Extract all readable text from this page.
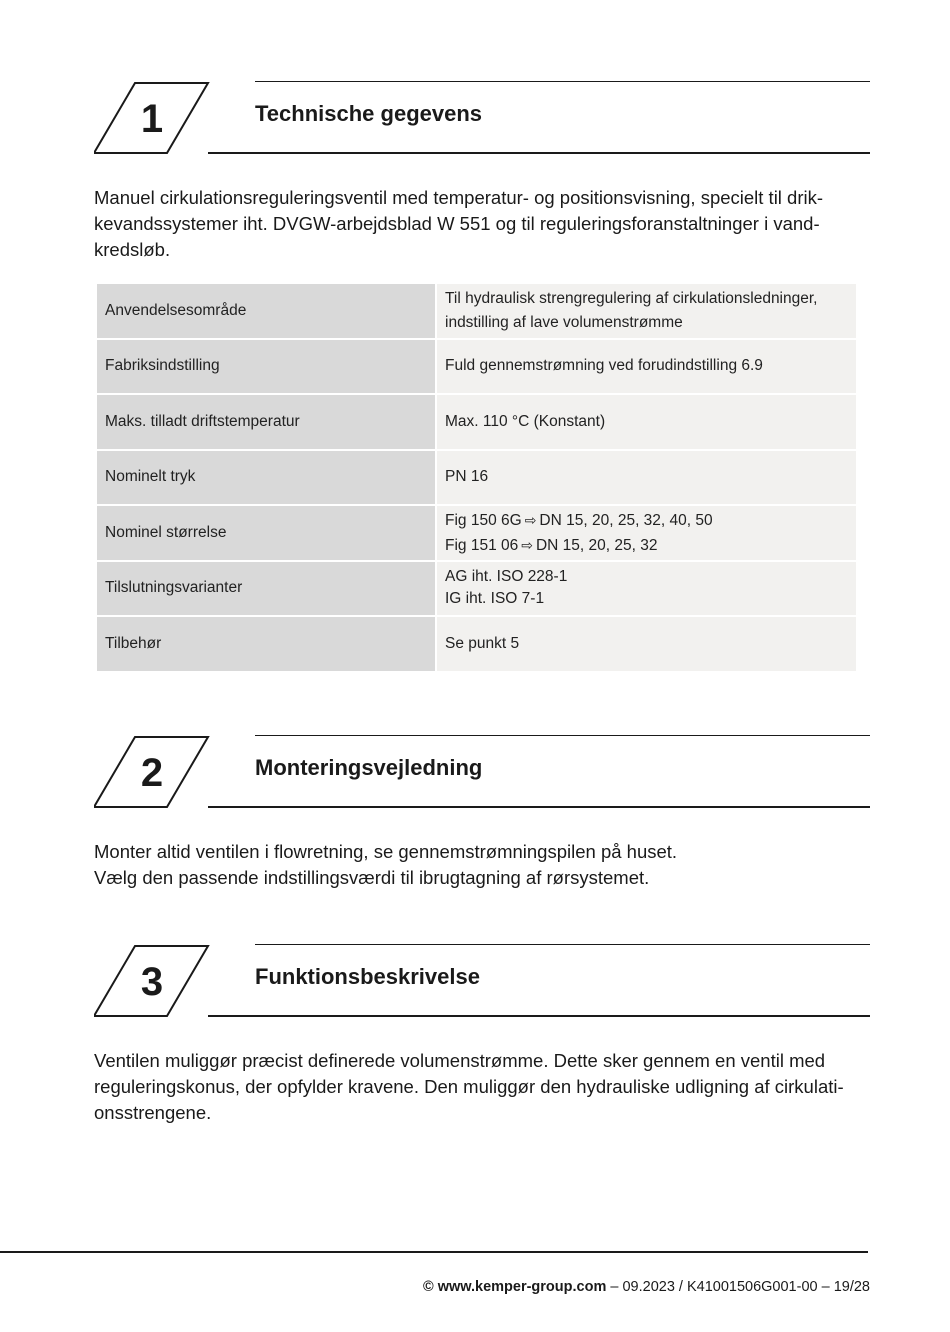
1	Technische gegevens

Manuel cirkulationsreguleringsventil med temperatur- og positionsvisning, specielt til drik-

kevandssystemer iht. DVGW-arbejdsblad W 551 og til reguleringsforanstaltninger i vand-

kredsløb.

Anvendelsesområde	Til hydraulisk strengregulering af cirkulationsledninger,
indstilling af lave volumenstrømme

Fabriksindstilling	Fuld gennemstrømning ved forudindstilling 6.9

Maks. tilladt driftstemperatur	Max. 110 °C (Konstant)

Nominelt tryk	PN 16

Nominel størrelse	Fig 150 6G ⇨ DN 15, 20, 25, 32, 40, 50
Fig 151 06 ⇨ DN 15, 20, 25, 32

Tilslutningsvarianter	AG iht. ISO 228-1
IG iht. ISO 7-1

Tilbehør	Se punkt 5
2	Monteringsvejledning

Monter altid ventilen i flowretning, se gennemstrømningspilen på huset.

Vælg den passende indstillingsværdi til ibrugtagning af rørsystemet.

3	Funktionsbeskrivelse

Ventilen muliggør præcist definerede volumenstrømme. Dette sker gennem en ventil med

reguleringskonus, der opfylder kravene. Den muliggør den hydrauliske udligning af cirkulati-

onsstrengene.

© www.kemper-group.com – 09.2023 / K41001506G001-00 – 19/28
